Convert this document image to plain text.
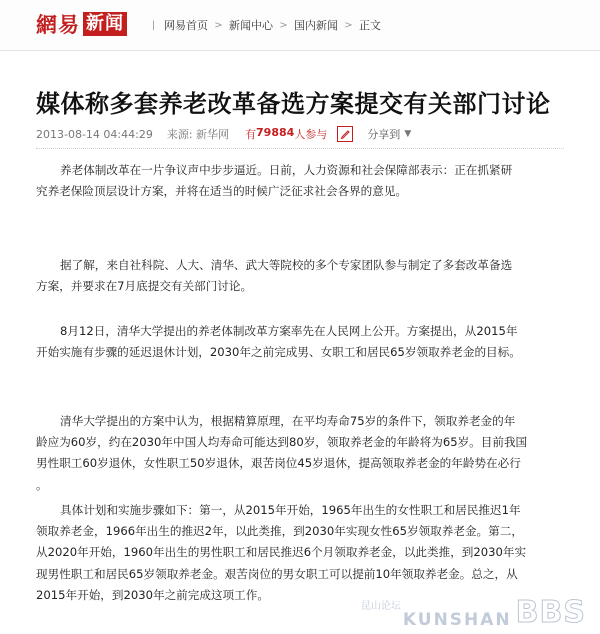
網易 新闻	| 网易首页 > 新闻中心 > 国内新闻 > 正文
媒体称多套养老改革备选方案提交有关部门讨论
2013-08-14 04:44:29 来源: 新华网 有 79884 人参与	分享到 ▼

养老体制改革在一片争议声中步步逼近。日前，人力资源和社会保障部表示：正在抓紧研
究养老保险顶层设计方案，并将在适当的时候广泛征求社会各界的意见。

据了解，来自社科院、人大、清华、武大等院校的多个专家团队参与制定了多套改革备选
方案，并要求在7月底提交有关部门讨论。

8月12日，清华大学提出的养老体制改革方案率先在人民网上公开。方案提出，从2015年
开始实施有步骤的延迟退休计划，2030年之前完成男、女职工和居民65岁领取养老金的目标。

清华大学提出的方案中认为，根据精算原理，在平均寿命75岁的条件下，领取养老金的年
龄应为60岁，约在2030年中国人均寿命可能达到80岁，领取养老金的年龄将为65岁。目前我国
男性职工60岁退休，女性职工50岁退休，艰苦岗位45岁退休，提高领取养老金的年龄势在必行
。

具体计划和实施步骤如下：第一，从2015年开始，1965年出生的女性职工和居民推迟1年
领取养老金，1966年出生的推迟2年，以此类推，到2030年实现女性65岁领取养老金。第二，
从2020年开始，1960年出生的男性职工和居民推迟6个月领取养老金，以此类推，到2030年实
现男性职工和居民65岁领取养老金。艰苦岗位的男女职工可以提前10年领取养老金。总之，从
2015年开始，到2030年之前完成这项工作。

昆山论坛
KUNSHAN BBS
